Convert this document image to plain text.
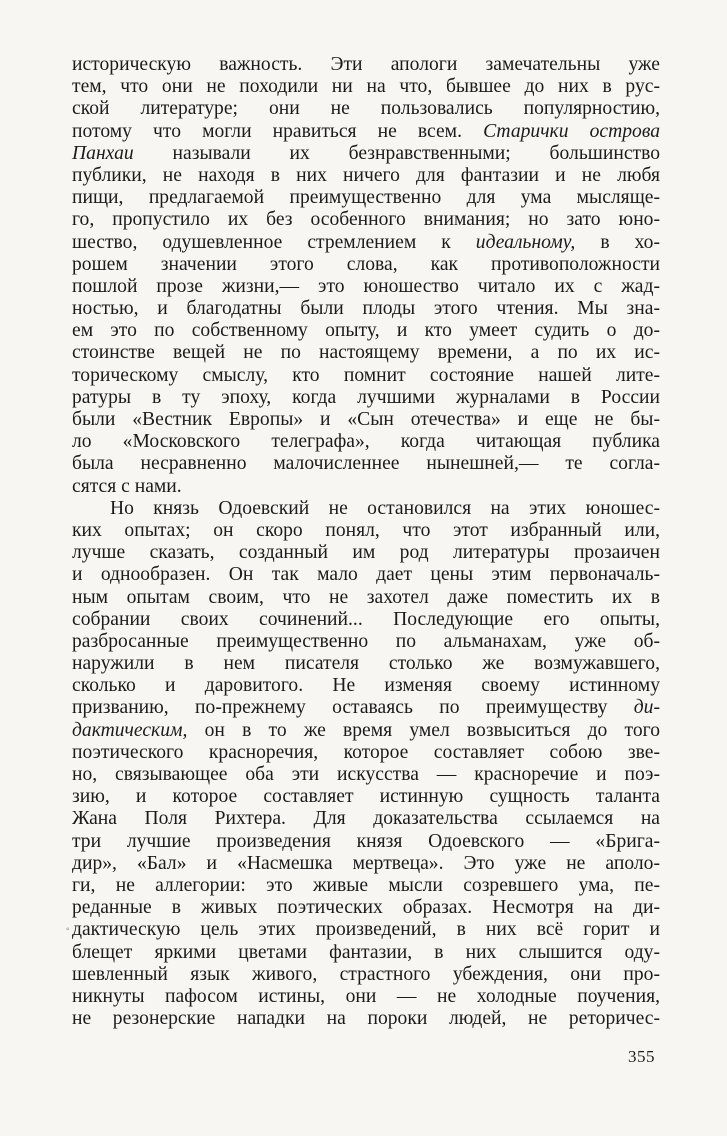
историческую важность. Эти апологи замечательны уже
тем, что они не походили ни на что, бывшее до них в рус-
ской литературе; они не пользовались популярностию,
потому что могли нравиться не всем. Старички острова
Панхаи называли их безнравственными; большинство
публики, не находя в них ничего для фантазии и не любя
пищи, предлагаемой преимущественно для ума мысляще-
го, пропустило их без особенного внимания; но зато юно-
шество, одушевленное стремлением к идеальному, в хо-
рошем значении этого слова, как противоположности
пошлой прозе жизни,— это юношество читало их с жад-
ностью, и благодатны были плоды этого чтения. Мы зна-
ем это по собственному опыту, и кто умеет судить о до-
стоинстве вещей не по настоящему времени, а по их ис-
торическому смыслу, кто помнит состояние нашей лите-
ратуры в ту эпоху, когда лучшими журналами в России
были «Вестник Европы» и «Сын отечества» и еще не бы-
ло «Московского телеграфа», когда читающая публика
была несравненно малочисленнее нынешней,— те согла-
сятся с нами.
Но князь Одоевский не остановился на этих юношес-
ких опытах; он скоро понял, что этот избранный или,
лучше сказать, созданный им род литературы прозаичен
и однообразен. Он так мало дает цены этим первоначаль-
ным опытам своим, что не захотел даже поместить их в
собрании своих сочинений... Последующие его опыты,
разбросанные преимущественно по альманахам, уже об-
наружили в нем писателя столько же возмужавшего,
сколько и даровитого. Не изменяя своему истинному
призванию, по-прежнему оставаясь по преимуществу ди-
дактическим, он в то же время умел возвыситься до того
поэтического красноречия, которое составляет собою зве-
но, связывающее оба эти искусства — красноречие и поэ-
зию, и которое составляет истинную сущность таланта
Жана Поля Рихтера. Для доказательства ссылаемся на
три лучшие произведения князя Одоевского — «Брига-
дир», «Бал» и «Насмешка мертвеца». Это уже не аполо-
ги, не аллегории: это живые мысли созревшего ума, пе-
реданные в живых поэтических образах. Несмотря на ди-
дактическую цель этих произведений, в них всё горит и
блещет яркими цветами фантазии, в них слышится оду-
шевленный язык живого, страстного убеждения, они про-
никнуты пафосом истины, они — не холодные поучения,
не резонерские нападки на пороки людей, не реторичес-
◦
355
